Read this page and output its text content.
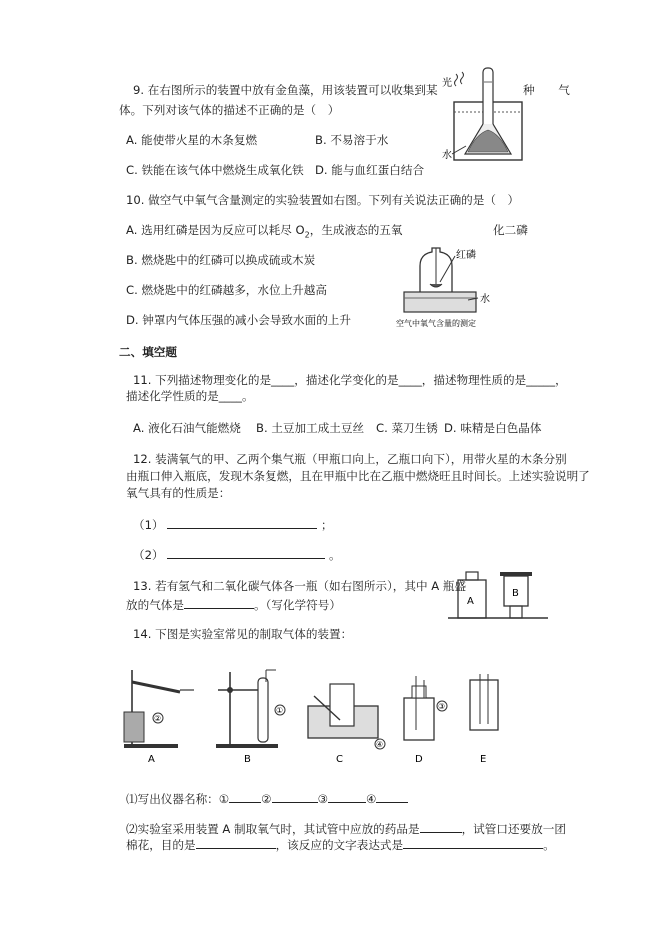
9. 在右图所示的装置中放有金鱼藻，用该装置可以收集到某	种　气
体。下列对该气体的描述不正确的是（　）
A. 能使带火星的木条复燃	B. 不易溶于水
C. 铁能在该气体中燃烧生成氧化铁 D. 能与血红蛋白结合
光
水
10. 做空气中氧气含量测定的实验装置如右图。下列有关说法正确的是（　）
A. 选用红磷是因为反应可以耗尽 $O_2$，生成液态的五氧	化二磷
B. 燃烧匙中的红磷可以换成硫或木炭
C. 燃烧匙中的红磷越多，水位上升越高
D. 钟罩内气体压强的减小会导致水面的上升
红磷
水
空气中氧气含量的测定
二、填空题
11. 下列描述物理变化的是____，描述化学变化的是____，描述物理性质的是_____，
描述化学性质的是____。
A. 液化石油气能燃烧 B. 土豆加工成土豆丝 C. 菜刀生锈 D. 味精是白色晶体
12. 装满氧气的甲、乙两个集气瓶（甲瓶口向上，乙瓶口向下），用带火星的木条分别
由瓶口伸入瓶底，发现木条复燃，且在甲瓶中比在乙瓶中燃烧旺且时间长。上述实验说明了
氧气具有的性质是：
（1）	；
（2）	。
13. 若有氢气和二氧化碳气体各一瓶（如右图所示），其中 A 瓶盛
放的气体是	。（写化学符号）	A
B
14. 下图是实验室常见的制取气体的装置：
②
A
①
B
④
C
③
D	E
⑴写出仪器名称：①	②	③	④
⑵实验室采用装置 A 制取氧气时，其试管中应放的药品是	，试管口还要放一团
棉花，目的是	，该反应的文字表达式是	。
